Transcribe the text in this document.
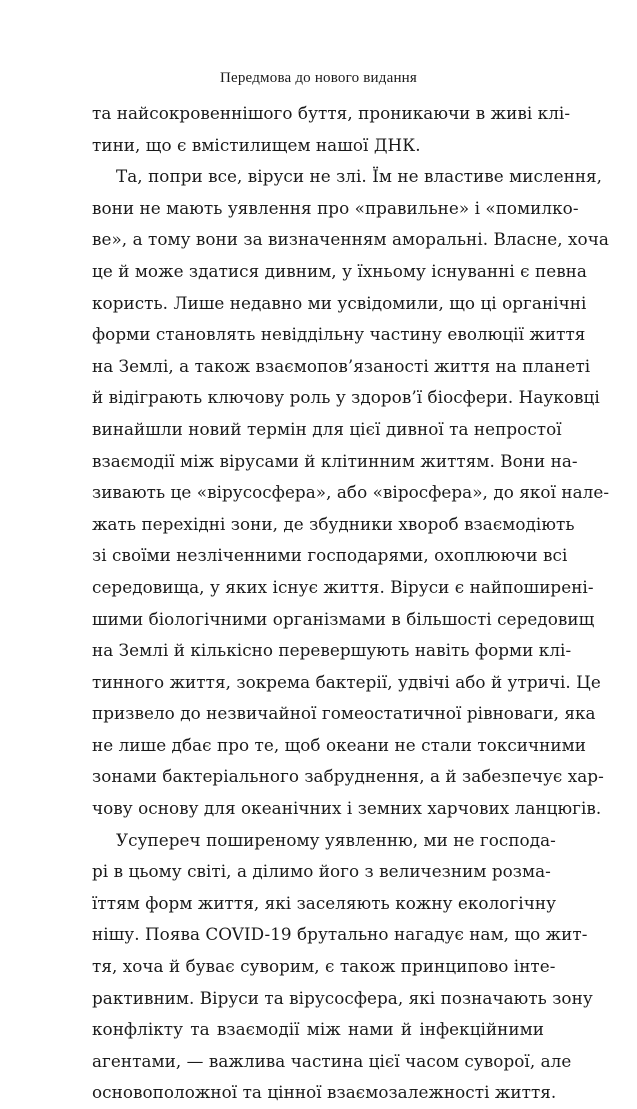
Передмова до нового видання
та найсокровеннішого буття, проникаючи в живі клі-
тини, що є вмістилищем нашої ДНК.
Та, попри все, віруси не злі. Їм не властиве мислення,
вони не мають уявлення про «правильне» і «помилко-
ве», а тому вони за визначенням аморальні. Власне, хоча
це й може здатися дивним, у їхньому існуванні є певна
користь. Лише недавно ми усвідомили, що ці органічні
форми становлять невіддільну частину еволюції життя
на Землі, а також взаємопов’язаності життя на планеті
й відіграють ключову роль у здоров’ї біосфери. Науковці
винайшли новий термін для цієї дивної та непростої
взаємодії між вірусами й клітинним життям. Вони на-
зивають це «вірусосфера», або «віросфера», до якої нале-
жать перехідні зони, де збудники хвороб взаємодіють
зі своїми незліченними господарями, охоплюючи всі
середовища, у яких існує життя. Віруси є найпоширені-
шими біологічними організмами в більшості середовищ
на Землі й кількісно перевершують навіть форми клі-
тинного життя, зокрема бактерії, удвічі або й утричі. Це
призвело до незвичайної гомеостатичної рівноваги, яка
не лише дбає про те, щоб океани не стали токсичними
зонами бактеріального забруднення, а й забезпечує хар-
чову основу для океанічних і земних харчових ланцюгів.
Усупереч поширеному уявленню, ми не господа-
рі в цьому світі, а ділимо його з величезним розма-
їттям форм життя, які заселяють кожну екологічну
нішу. Поява COVID-19 брутально нагадує нам, що жит-
тя, хоча й буває суворим, є також принципово інте-
рактивним. Віруси та вірусосфера, які позначають зону
конфлікту та взаємодії між нами й інфекційними
агентами, — важлива частина цієї часом суворої, але
основоположної та цінної взаємозалежності життя.
